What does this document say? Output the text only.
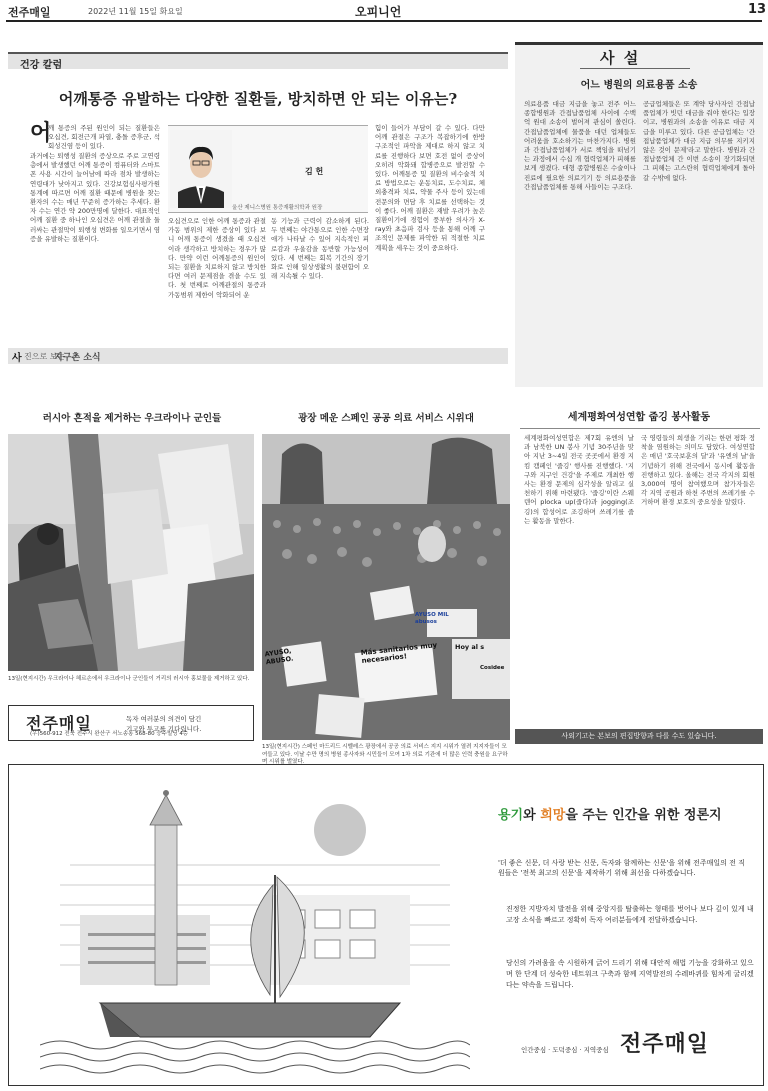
전주매일	2022년 11월 15일 화요일	오피니언	13
건강 칼럼
어깨통증 유발하는 다양한 질환들, 방치하면 안 되는 이유는?
어
깨 통증의 주된 원인이 되는 질환들은 오십견, 회전근개 파열, 충돌 증후군, 석회성건염 등이 있다.
과거에는 퇴행성 질환의 증상으로 주로 고연령층에서 발생했던 어깨 통증이 컴퓨터와 스마트폰 사용 시간이 늘어남에 따라 점차 발생하는 연령대가 낮아지고 있다. 건강보험심사평가원 통계에 따르면 어깨 질환 때문에 병원을 찾는 환자의 수는 매년 꾸준히 증가하는 추세다. 환자 수는 연간 약 200만명에 달한다. 대표적인 어깨 질환 중 하나인 오십견은 어깨 관절을 둘러싸는 관절막이 퇴행성 변화를 일으키면서 염증을 유발하는 질환이다.
김 헌
울산 제니스병원 통증재활의학과 원장
오십견으로 인한 어깨 통증과 관절 가동 범위의 제한 증상이 있다 보니 어깨 통증이 생겼을 때 오십견이라 생각하고 방치하는 경우가 많다. 만약 이런 어깨통증의 원인이 되는 질환을 치료하지 않고 방치한다면 여러 문제점을 겪을 수도 있다. 첫 번째로 어깨관절의 통증과 가동범위 제한이 악화되어 운
동 기능과 근력이 감소하게 된다. 두 번째는 야간통으로 인한 수면장애가 나타날 수 있어 지속적인 피로감과 우울감을 동반할 가능성이 있다. 세 번째는 회복 기간의 장기화로 인해 일상생활의 불편함이 오래 지속될 수 있다.
힘이 들어가 부담이 갈 수 있다. 다만 어깨 관절은 구조가 복잡하기에 한방 구조적인 파악을 제대로 하지 않고 치료를 진행하다 보면 호전 없이 증상이 오히려 악화돼 합병증으로 발전할 수 있다. 어깨통증 및 질환의 비수술적 치료 방법으로는 운동치료, 도수치료, 체외충격파 치료, 약물 주사 등이 있는데 전문의와 면담 후 치료를 선택하는 것이 좋다. 어깨 질환은 재발 우려가 높은 질환이기에 경험이 풍부한 의사가 X-ray와 초음파 검사 등을 통해 어깨 구조적인 문제를 파악한 뒤 적절한 치료 계획을 세우는 것이 중요하다.
사 설
어느 병원의 의료용품 소송
의료용품 대금 지급을 놓고 전주 어느 종합병원과 간접납품업체 사이에 수백억 원대 소송이 벌어져 관심이 쏠린다. 간접납품업체에 물품을 대던 업체들도 어려움을 호소하기는 마찬가지다. 병원과 간접납품업체가 서로 책임을 떠넘기는 과정에서 수십 개 협력업체가 피해를 보게 생겼다. 대형 종합병원은 수술이나 진료에 필요한 의료기기 등 의료용품을 간접납품업체를 통해 사들이는 구조다.
공급업체들은 또 계약 당사자인 간접납품업체가 빗던 대금을 줘야 한다는 입장이고, 병원과의 소송을 이유로 대금 지급을 미루고 있다. 다른 공급업체는 '간접납품업체가 대금 지급 의무를 지키지 않은 것이 문제'라고 말한다. 병원과 간접납품업체 간 이번 소송이 장기화되면 그 피해는 고스란히 협력업체에게 돌아갈 수밖에 없다.
사 진으로 보는
지구촌 소식
러시아 흔적을 제거하는 우크라이나 군인들	광장 메운 스페인 공공 의료 서비스 시위대
Más sanitarios muy necesarios!
AYUSO, ABUSO.
AYUSO MIL abusos
Hoy al s
Cosidee
13일(현지시간) 우크라이나 헤르손에서 우크라이나 군인들이 거리의 러시아 홍보물을 제거하고 있다.
13일(현지시간) 스페인 마드리드 시벨레스 광장에서 공공 의료 서비스 지지 시위가 열려 지지자들이 모여들고 있다. 이날 수만 명의 병원 종사자와 시민들이 모여 1차 의료 기관에 더 많은 인력 충원을 요구하며 시위를 벌였다.
전주매일	독자 여러분의 의견이 담긴
기고와 투고를 기다립니다.
(우)560-912 전북 전주시 완산구 서노송동 568-80 승주빌딩 4층
세계평화여성연합 줍깅 봉사활동
세계평화여성연합은 제7회 유엔의 날과 남북한 UN 봉사 기념 30주년을 맞아 지난 3~4일 전국 곳곳에서 환경 지킴 캠페인 '줍깅' 행사를 진행했다. '지구와 지구인 건강'을 주제로 개최한 행사는 환경 문제의 심각성을 알리고 실천하기 위해 마련됐다. '줍깅'이란 스웨덴어 plocka up(줍다)과 jogging(조깅)의 합성어로 조깅하며 쓰레기를 줍는 활동을 말한다.
국 영령들의 희생을 기리는 한편 평화 정착을 염원하는 의미도 담았다. 여성연합은 매년 '호국보훈의 달'과 '유엔의 날'을 기념하기 위해 전국에서 동시에 활동을 진행하고 있다. 올해는 전국 각지의 회원 3,000여 명이 참여했으며 참가자들은 각 지역 공원과 하천 주변의 쓰레기를 수거하며 환경 보호의 중요성을 알렸다.
사외기고는 본보의 편집방향과 다를 수도 있습니다.
용기와 희망을 주는 인간을 위한 정론지
'더 좋은 신문, 더 사랑 받는 신문, 독자와 함께하는 신문'을 위해 전주매일의 전 직원들은 '전북 최고의 신문'을 제작하기 위해 최선을 다하겠습니다.
진정한 지방자치 발전을 위해 중앙지를 탈출하는 형태를 벗어나 보다 깊이 있게 내 고장 소식을 빠르고 정확히 독자 여러분들에게 전달하겠습니다.
당신의 가려움을 속 시원하게 긁어 드리기 위해 대안적 해법 기능을 강화하고 있으며 한 단계 더 성숙한 네트워크 구축과 함께 지역발전의 수레바퀴를 힘차게 굴리겠다는 약속을 드립니다.
인간중심 · 도덕중심 · 지역중심 전주매일
